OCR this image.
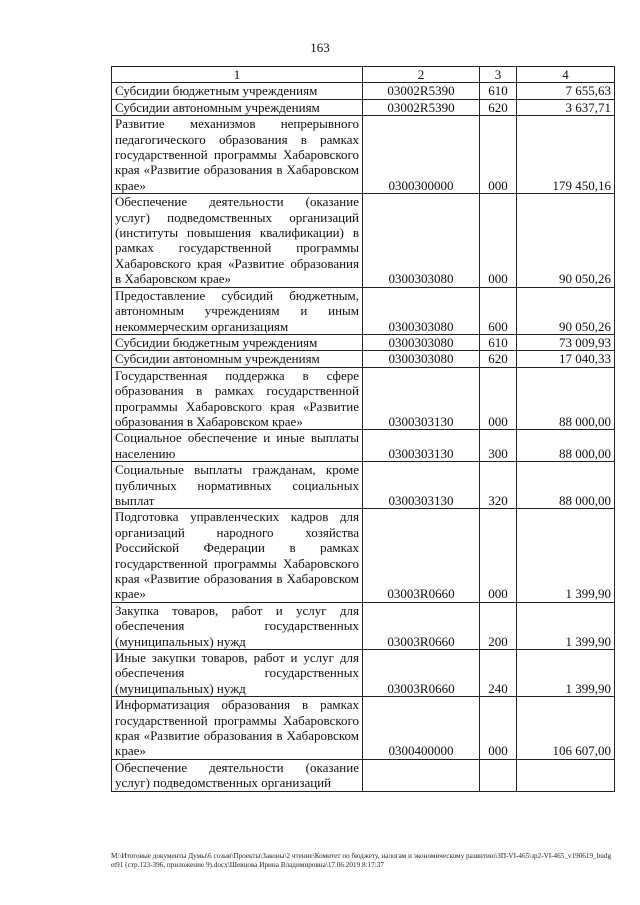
163
1	2	3	4
Субсидии бюджетным учреждениям	03002R5390	610	7 655,63
Субсидии автономным учреждениям	03002R5390	620	3 637,71
Развитие механизмов непрерывного педагогического образования в рамках государственной программы Хабаровского края «Развитие образования в Хабаровском крае»	0300300000	000	179 450,16
Обеспечение деятельности (оказание услуг) подведомственных организаций (институты повышения квалификации) в рамках государственной программы Хабаровского края «Развитие образования в Хабаровском крае»	0300303080	000	90 050,26
Предоставление субсидий бюджетным, автономным учреждениям и иным некоммерческим организациям	0300303080	600	90 050,26
Субсидии бюджетным учреждениям	0300303080	610	73 009,93
Субсидии автономным учреждениям	0300303080	620	17 040,33
Государственная поддержка в сфере образования в рамках государственной программы Хабаровского края «Развитие образования в Хабаровском крае»	0300303130	000	88 000,00
Социальное обеспечение и иные выплаты населению	0300303130	300	88 000,00
Социальные выплаты гражданам, кроме публичных нормативных социальных выплат	0300303130	320	88 000,00
Подготовка управленческих кадров для организаций народного хозяйства Российской Федерации в рамках государственной программы Хабаровского края «Развитие образования в Хабаровском крае»	03003R0660	000	1 399,90
Закупка товаров, работ и услуг для обеспечения государственных (муниципальных) нужд	03003R0660	200	1 399,90
Иные закупки товаров, работ и услуг для обеспечения государственных (муниципальных) нужд	03003R0660	240	1 399,90
Информатизация образования в рамках государственной программы Хабаровского края «Развитие образования в Хабаровском крае»	0300400000	000	106 607,00
Обеспечение деятельности (оказание услуг) подведомственных организаций			
M:\Итоговые документы Думы\6 созыв\Проекты\Законы\2 чтение\Комитет по бюджету, налогам и экономическому развитию\ЗП-VI-465\зр2-VI-465_v190619_budget91 (стр.123-396, приложение 9).docx\Шевцова Ирина Владимировна\17.06.2019 8:17:37
